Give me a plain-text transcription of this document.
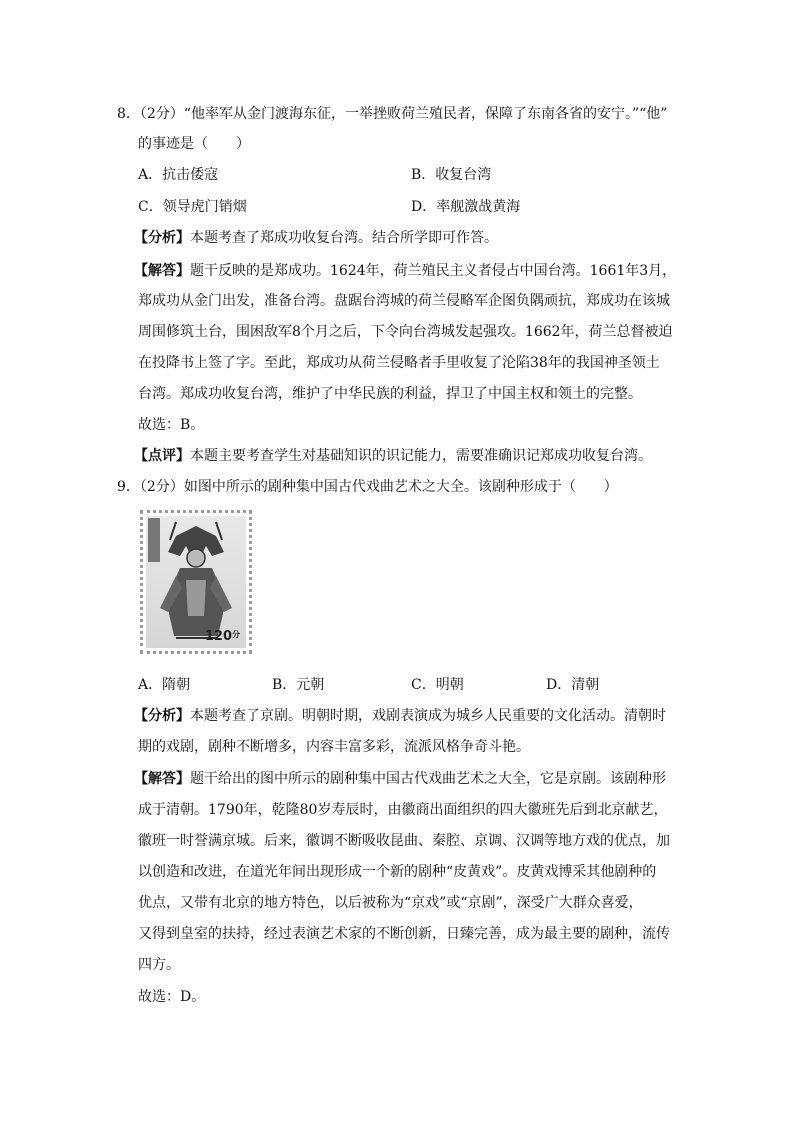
8．（2分）“他率军从金门渡海东征，一举挫败荷兰殖民者，保障了东南各省的安宁。”“他”
的事迹是（　　）
A．抗击倭寇	B．收复台湾
C．领导虎门销烟	D．率舰激战黄海
【分析】本题考查了郑成功收复台湾。结合所学即可作答。
【解答】题干反映的是郑成功。1624年，荷兰殖民主义者侵占中国台湾。1661年3月，
郑成功从金门出发，准备台湾。盘踞台湾城的荷兰侵略军企图负隅顽抗，郑成功在该城
周围修筑土台，围困敌军8个月之后，下令向台湾城发起强攻。1662年，荷兰总督被迫
在投降书上签了字。至此，郑成功从荷兰侵略者手里收复了沦陷38年的我国神圣领土
台湾。郑成功收复台湾，维护了中华民族的利益，捍卫了中国主权和领土的完整。
故选：B。
【点评】本题主要考查学生对基础知识的识记能力，需要准确识记郑成功收复台湾。
9．（2分）如图中所示的剧种集中国古代戏曲艺术之大全。该剧种形成于（　　）
$120^分$
A．隋朝	B．元朝	C．明朝	D．清朝
【分析】本题考查了京剧。明朝时期，戏剧表演成为城乡人民重要的文化活动。清朝时
期的戏剧，剧种不断增多，内容丰富多彩，流派风格争奇斗艳。
【解答】题干给出的图中所示的剧种集中国古代戏曲艺术之大全，它是京剧。该剧种形
成于清朝。1790年，乾隆80岁寿辰时，由徽商出面组织的四大徽班先后到北京献艺，
徽班一时誉满京城。后来，徽调不断吸收昆曲、秦腔、京调、汉调等地方戏的优点，加
以创造和改进，在道光年间出现形成一个新的剧种“皮黄戏”。皮黄戏博采其他剧种的
优点，又带有北京的地方特色，以后被称为“京戏”或“京剧”，深受广大群众喜爱，
又得到皇室的扶持，经过表演艺术家的不断创新，日臻完善，成为最主要的剧种，流传
四方。
故选：D。
